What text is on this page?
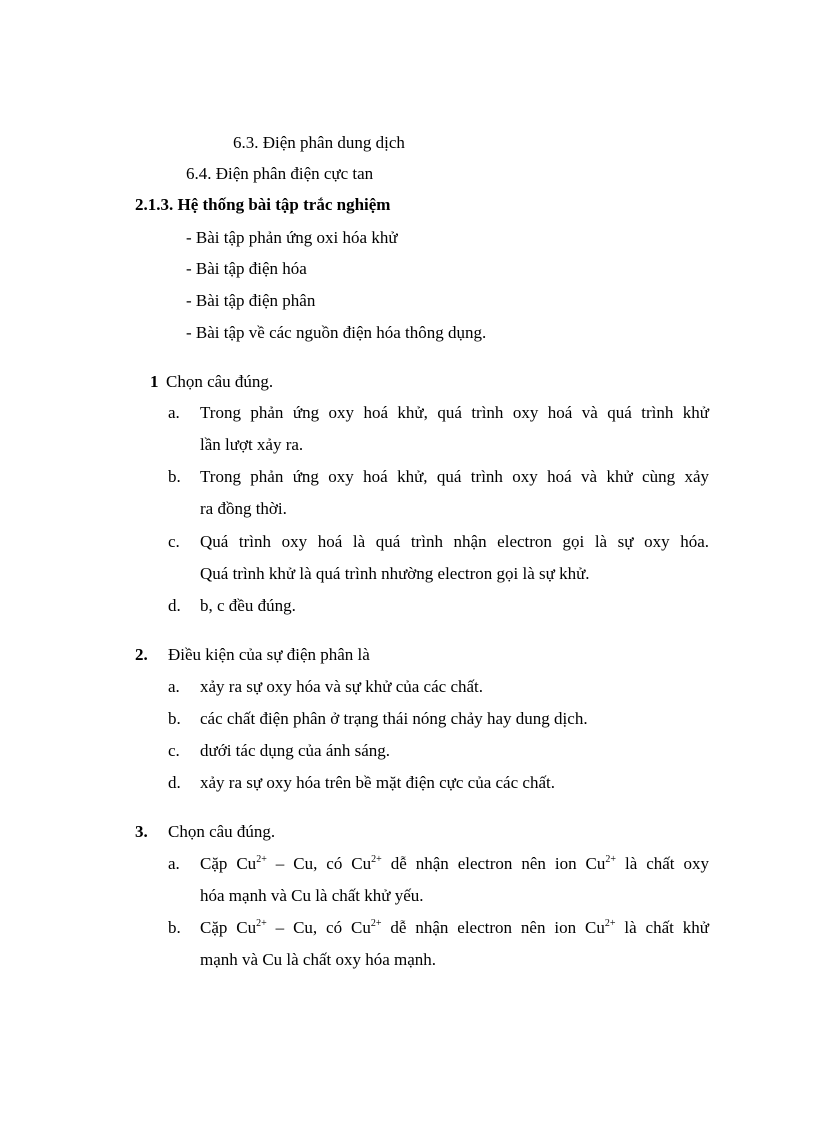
6.3. Điện phân dung dịch
6.4. Điện phân điện cực tan
2.1.3. Hệ thống bài tập trắc nghiệm
- Bài tập phản ứng oxi hóa khử
- Bài tập điện hóa
- Bài tập điện phân
- Bài tập về các nguồn điện hóa thông dụng.
1 Chọn câu đúng.
a. Trong phản ứng oxy hoá khử, quá trình oxy hoá và quá trình khử
lần lượt xảy ra.
b. Trong phản ứng oxy hoá khử, quá trình oxy hoá và khử cùng xảy
ra đồng thời.
c. Quá trình oxy hoá là quá trình nhận electron gọi là sự oxy hóa.
Quá trình khử là quá trình nhường electron gọi là sự khử.
d. b, c đều đúng.
2. Điều kiện của sự điện phân là
a. xảy ra sự oxy hóa và sự khử của các chất.
b. các chất điện phân ở trạng thái nóng chảy hay dung dịch.
c. dưới tác dụng của ánh sáng.
d. xảy ra sự oxy hóa trên bề mặt điện cực của các chất.
3. Chọn câu đúng.
a. Cặp $Cu^{2+}$ – Cu, có $Cu^{2+}$ dễ nhận electron nên ion $Cu^{2+}$ là chất oxy
hóa mạnh và Cu là chất khử yếu.
b. Cặp $Cu^{2+}$ – Cu, có $Cu^{2+}$ dễ nhận electron nên ion $Cu^{2+}$ là chất khử
mạnh và Cu là chất oxy hóa mạnh.
